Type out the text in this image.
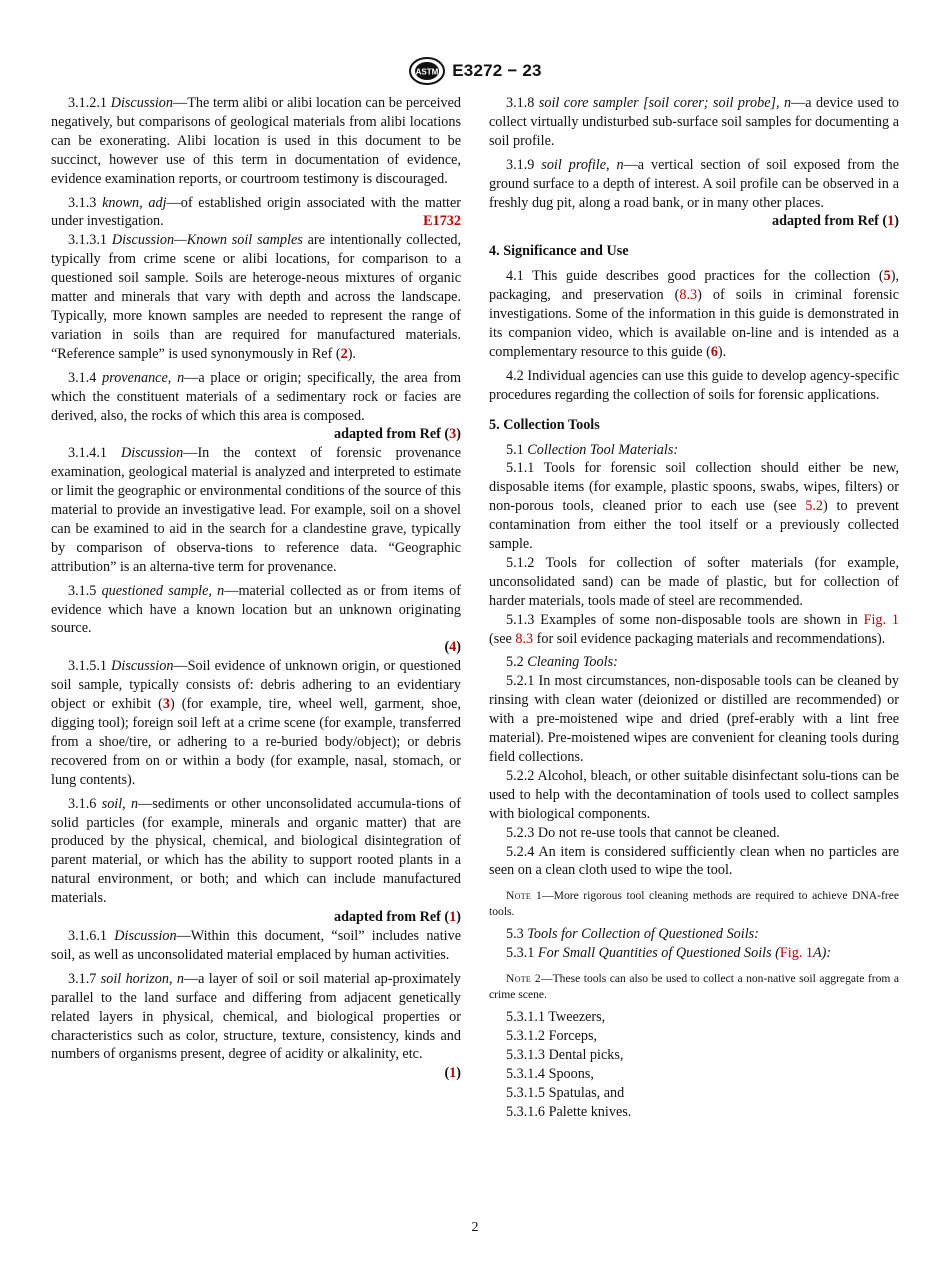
ASTM E3272 − 23

3.1.2.1 Discussion—The term alibi or alibi location can be perceived negatively, but comparisons of geological materials from alibi locations can be exonerating. Alibi location is used in this document to be succinct, however use of this term in documentation of evidence, evidence examination reports, or courtroom testimony is discouraged.

3.1.3 known, adj—of established origin associated with the matter under investigation.	E1732

3.1.3.1 Discussion—Known soil samples are intentionally collected, typically from crime scene or alibi locations, for comparison to a questioned soil sample. Soils are heteroge-neous mixtures of organic matter and minerals that vary with depth and across the landscape. Typically, more known samples are needed to represent the range of variation in soils than are required for manufactured materials. “Reference sample” is used synonymously in Ref (2).

3.1.4 provenance, n—a place or origin; specifically, the area from which the constituent materials of a sedimentary rock or facies are derived, also, the rocks of which this area is composed.

adapted from Ref (3)

3.1.4.1 Discussion—In the context of forensic provenance examination, geological material is analyzed and interpreted to estimate or limit the geographic or environmental conditions of the source of this material to provide an investigative lead. For example, soil on a shovel can be examined to aid in the search for a clandestine grave, typically by comparison of observa-tions to reference data. “Geographic attribution” is an alterna-tive term for provenance.

3.1.5 questioned sample, n—material collected as or from items of evidence which have a known location but an unknown originating source.

(4)

3.1.5.1 Discussion—Soil evidence of unknown origin, or questioned soil sample, typically consists of: debris adhering to an evidentiary object or exhibit (3) (for example, tire, wheel well, garment, shoe, digging tool); foreign soil left at a crime scene (for example, transferred from a shoe/tire, or adhering to a re-buried body/object); or debris recovered from on or within a body (for example, nasal, stomach, or lung contents).

3.1.6 soil, n—sediments or other unconsolidated accumula-tions of solid particles (for example, minerals and organic matter) that are produced by the physical, chemical, and biological disintegration of parent material, or which has the ability to support rooted plants in a natural environment, or both; and which can include manufactured materials.

adapted from Ref (1)

3.1.6.1 Discussion—Within this document, “soil” includes native soil, as well as unconsolidated material emplaced by human activities.

3.1.7 soil horizon, n—a layer of soil or soil material ap-proximately parallel to the land surface and differing from adjacent genetically related layers in physical, chemical, and biological properties or characteristics such as color, structure, texture, consistency, kinds and numbers of organisms present, degree of acidity or alkalinity, etc.

(1)

3.1.8 soil core sampler [soil corer; soil probe], n—a device used to collect virtually undisturbed sub-surface soil samples for documenting a soil profile.

3.1.9 soil profile, n—a vertical section of soil exposed from the ground surface to a depth of interest. A soil profile can be observed in a freshly dug pit, along a road bank, or in many other places.

adapted from Ref (1)

4. Significance and Use

4.1 This guide describes good practices for the collection (5), packaging, and preservation (8.3) of soils in criminal forensic investigations. Some of the information in this guide is demonstrated in its companion video, which is available on-line and is intended as a complementary resource to this guide (6).

4.2 Individual agencies can use this guide to develop agency-specific procedures regarding the collection of soils for forensic applications.

5. Collection Tools

5.1 Collection Tool Materials:

5.1.1 Tools for forensic soil collection should either be new, disposable items (for example, plastic spoons, swabs, wipes, filters) or non-porous tools, cleaned prior to each use (see 5.2) to prevent contamination from either the tool itself or a previously collected sample.

5.1.2 Tools for collection of softer materials (for example, unconsolidated sand) can be made of plastic, but for collection of harder materials, tools made of steel are recommended.

5.1.3 Examples of some non-disposable tools are shown in Fig. 1 (see 8.3 for soil evidence packaging materials and recommendations).

5.2 Cleaning Tools:

5.2.1 In most circumstances, non-disposable tools can be cleaned by rinsing with clean water (deionized or distilled are recommended) or with a pre-moistened wipe and dried (pref-erably with a lint free material). Pre-moistened wipes are convenient for cleaning tools during field collections.

5.2.2 Alcohol, bleach, or other suitable disinfectant solu-tions can be used to help with the decontamination of tools used to collect samples with biological components.

5.2.3 Do not re-use tools that cannot be cleaned.

5.2.4 An item is considered sufficiently clean when no particles are seen on a clean cloth used to wipe the tool.

Note 1—More rigorous tool cleaning methods are required to achieve DNA-free tools.

5.3 Tools for Collection of Questioned Soils:

5.3.1 For Small Quantities of Questioned Soils (Fig. 1A):

Note 2—These tools can also be used to collect a non-native soil aggregate from a crime scene.

5.3.1.1 Tweezers,

5.3.1.2 Forceps,

5.3.1.3 Dental picks,

5.3.1.4 Spoons,

5.3.1.5 Spatulas, and

5.3.1.6 Palette knives.

2
